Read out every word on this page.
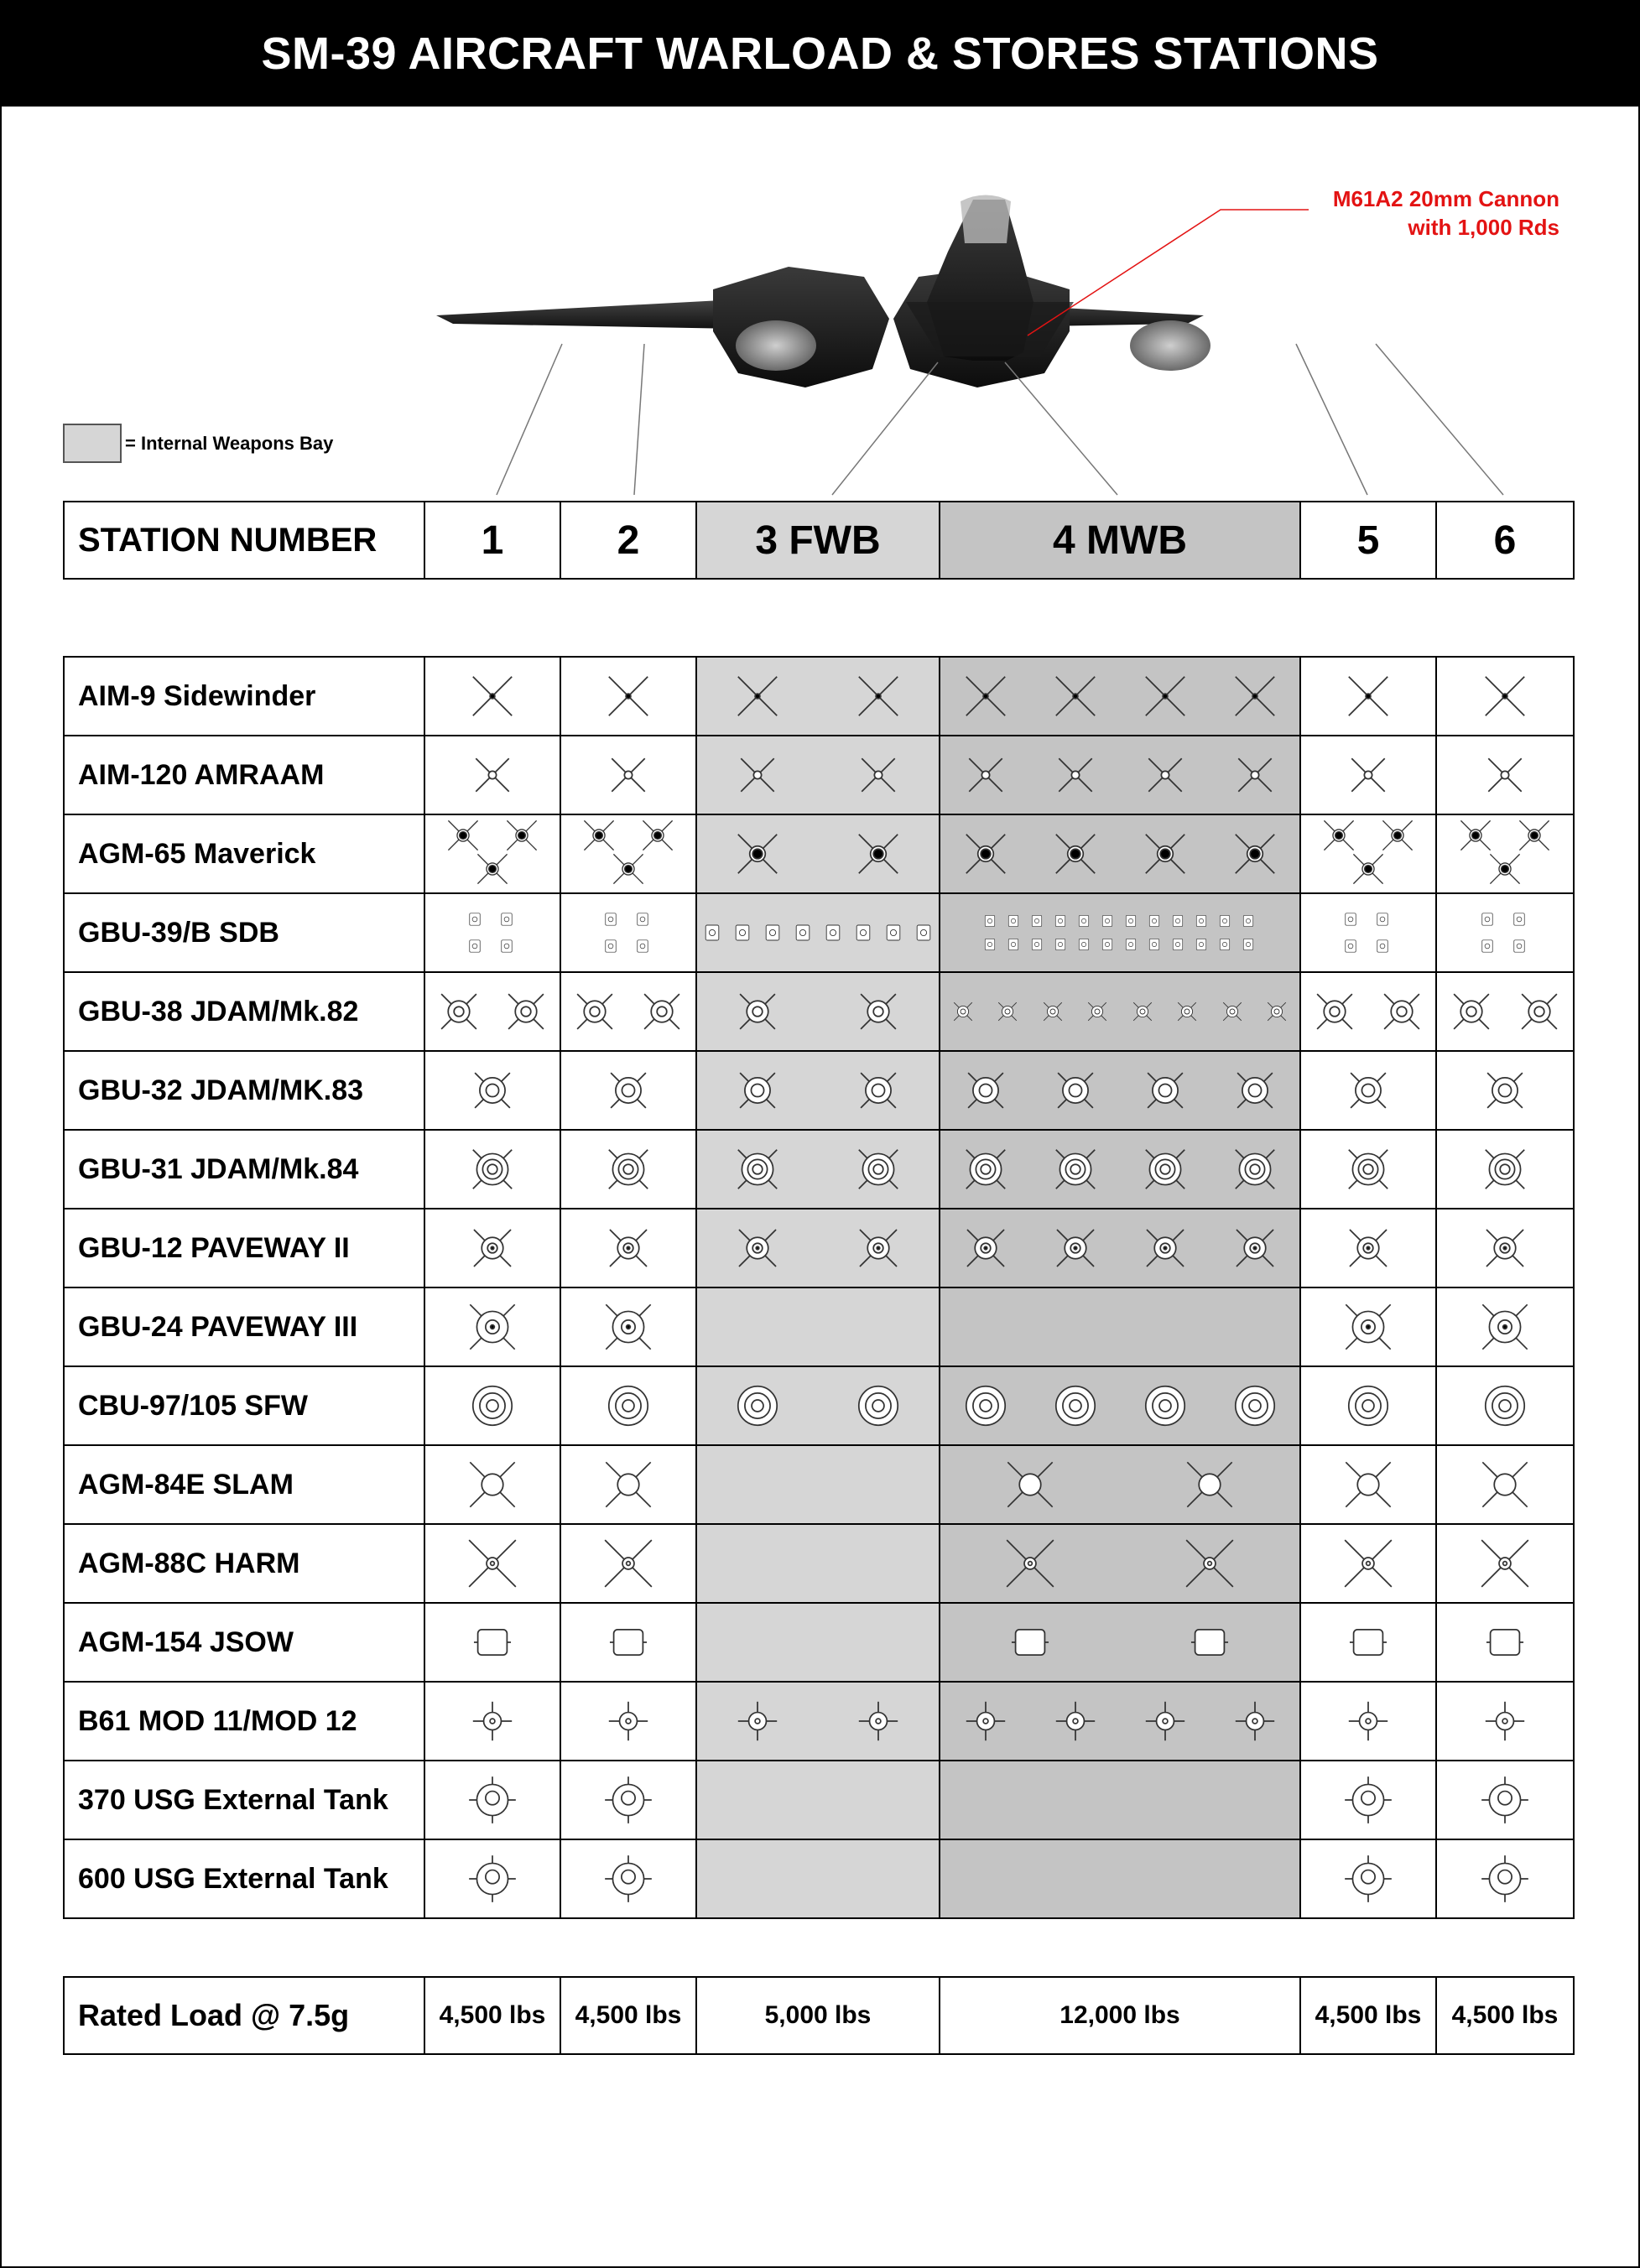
SM-39 AIRCRAFT WARLOAD & STORES STATIONS
M61A2 20mm Cannon
with 1,000 Rds
= Internal Weapons Bay
STATION NUMBER	1	2	3 FWB	4 MWB	5	6
AIM-9 Sidewinder	

AIM-120 AMRAAM	

AGM-65 Maverick	

GBU-39/B SDB	

GBU-38 JDAM/Mk.82	

GBU-32 JDAM/MK.83	

GBU-31 JDAM/Mk.84	

GBU-12 PAVEWAY II	

GBU-24 PAVEWAY III	

CBU-97/105 SFW	

AGM-84E SLAM	

AGM-88C HARM	

AGM-154 JSOW	

B61 MOD 11/MOD 12	

370 USG External Tank	

600 USG External Tank	

Rated Load @ 7.5g	4,500 lbs	4,500 lbs	5,000 lbs	12,000 lbs	4,500 lbs	4,500 lbs
